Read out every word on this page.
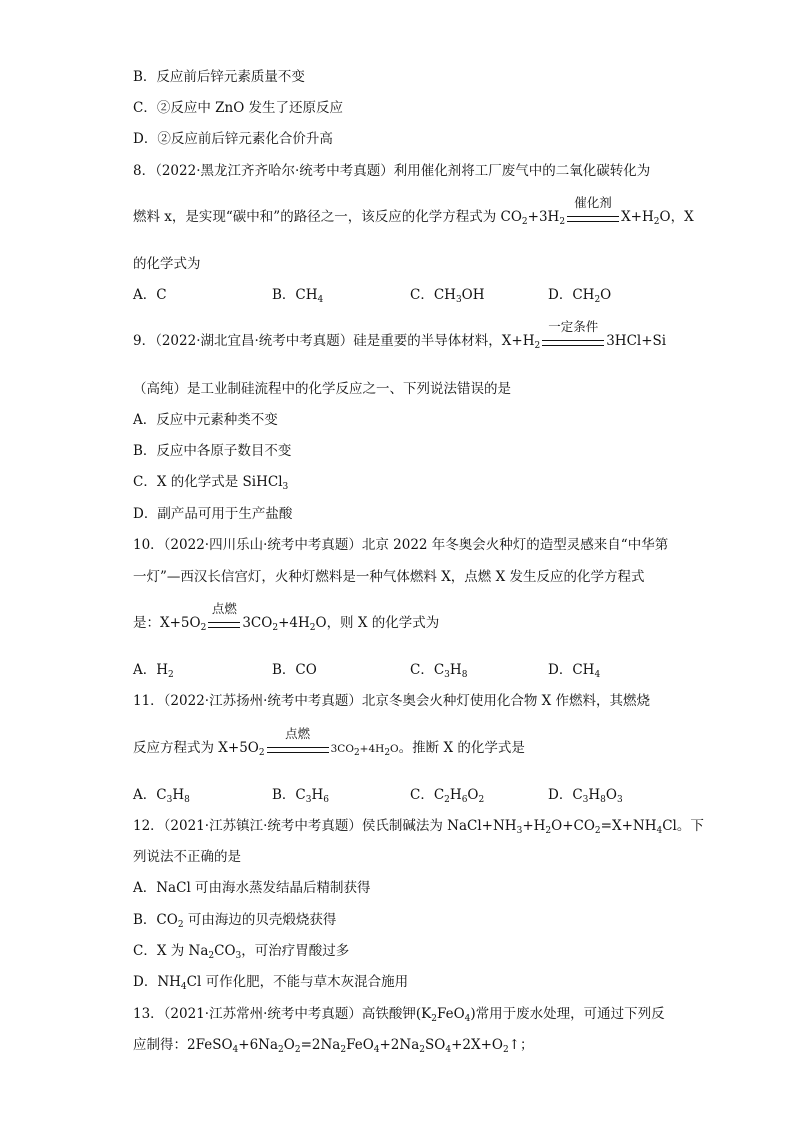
B．反应前后锌元素质量不变
C．②反应中 ZnO 发生了还原反应
D．②反应前后锌元素化合价升高
8．（2022·黑龙江齐齐哈尔·统考中考真题）利用催化剂将工厂废气中的二氧化碳转化为
燃料 x，是实现“碳中和”的路径之一，该反应的化学方程式为 $CO_2+3H_2$
催化剂
$X+H_2O$，X
的化学式为
A．C	B．$CH_4$	C．$CH_3OH$	D．$CH_2O$
9．（2022·湖北宜昌·统考中考真题）硅是重要的半导体材料，$X+H_2$
一定条件
3HCl+Si
（高纯）是工业制硅流程中的化学反应之一、下列说法错误的是
A．反应中元素种类不变
B．反应中各原子数目不变
C．X 的化学式是 SiHCl$_3$
D．副产品可用于生产盐酸
10．（2022·四川乐山·统考中考真题）北京 2022 年冬奥会火种灯的造型灵感来自“中华第
一灯”—西汉长信宫灯，火种灯燃料是一种气体燃料 X，点燃 X 发生反应的化学方程式
是：$X+5O_2$
点燃
$3CO_2+4H_2O$，则 X 的化学式为
A．$H_2$	B．CO	C．$C_3H_8$	D．$CH_4$
11．（2022·江苏扬州·统考中考真题）北京冬奥会火种灯使用化合物 X 作燃料，其燃烧
反应方程式为 $X+5O_2$
点燃
$3CO_2+4H_2O$。推断 X 的化学式是
A．$C_3H_8$	B．$C_3H_6$	C．$C_2H_6O_2$	D．$C_3H_8O_3$
12．（2021·江苏镇江·统考中考真题）侯氏制碱法为 $NaCl+NH_3+H_2O+CO_2=X+NH_4Cl$。下
列说法不正确的是
A．NaCl 可由海水蒸发结晶后精制获得
B．$CO_2$ 可由海边的贝壳煅烧获得
C．X 为 $Na_2CO_3$，可治疗胃酸过多
D．$NH_4Cl$ 可作化肥，不能与草木灰混合施用
13．（2021·江苏常州·统考中考真题）高铁酸钾$(K_2FeO_4)$常用于废水处理，可通过下列反
应制得：$2FeSO_4+6Na_2O_2=2Na_2FeO_4+2Na_2SO_4+2X+O_2↑$；
